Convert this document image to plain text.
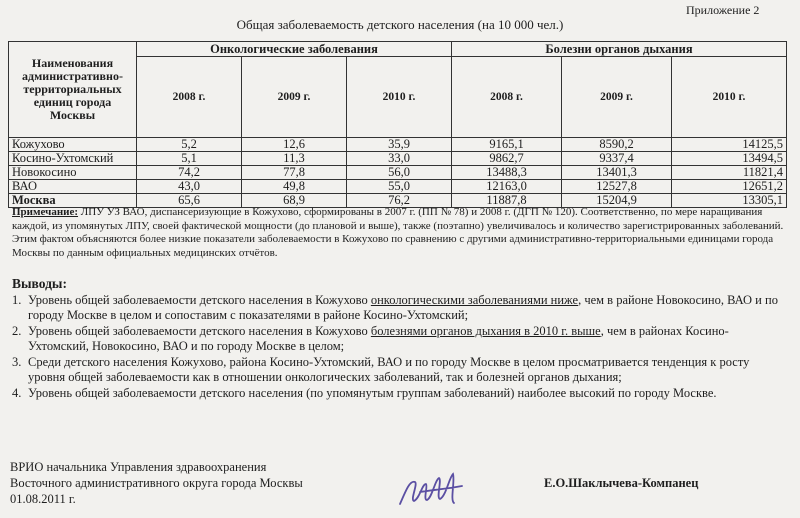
Приложение 2
Общая заболеваемость детского населения (на 10 000 чел.)
Наименования административно-территориальных единиц города Москвы	Онкологические заболевания			Болезни органов дыхания		
	2008 г.	2009 г.	2010 г.	2008 г.	2009 г.	2010 г.
Кожухово	5,2	12,6	35,9	9165,1	8590,2	14125,5
Косино-Ухтомский	5,1	11,3	33,0	9862,7	9337,4	13494,5
Новокосино	74,2	77,8	56,0	13488,3	13401,3	11821,4
ВАО	43,0	49,8	55,0	12163,0	12527,8	12651,2
Москва	65,6	68,9	76,2	11887,8	15204,9	13305,1
Примечание: ЛПУ УЗ ВАО, диспансеризующие в Кожухово, сформированы в 2007 г. (ПП № 78) и 2008 г. (ДГП № 120). Соответственно, по мере наращивания каждой, из упомянутых ЛПУ, своей фактической мощности (до плановой и выше), также (поэтапно) увеличивалось и количество зарегистрированных заболеваний. Этим фактом объясняются более низкие показатели заболеваемости в Кожухово по сравнению с другими административно-территориальными единицами города Москвы по данным официальных медицинских отчётов.
Выводы:
1. Уровень общей заболеваемости детского населения в Кожухово онкологическими заболеваниями ниже, чем в районе Новокосино, ВАО и по городу Москве в целом и сопоставим с показателями в районе Косино-Ухтомский;
2. Уровень общей заболеваемости детского населения в Кожухово болезнями органов дыхания в 2010 г. выше, чем в районах Косино-Ухтомский, Новокосино, ВАО и по городу Москве в целом;
3. Среди детского населения Кожухово, района Косино-Ухтомский, ВАО и по городу Москве в целом просматривается тенденция к росту уровня общей заболеваемости как в отношении онкологических заболеваний, так и болезней органов дыхания;
4. Уровень общей заболеваемости детского населения (по упомянутым группам заболеваний) наиболее высокий по городу Москве.
ВРИО начальника Управления здравоохранения
Восточного административного округа города Москвы
01.08.2011 г.
Е.О.Шаклычева-Компанец
